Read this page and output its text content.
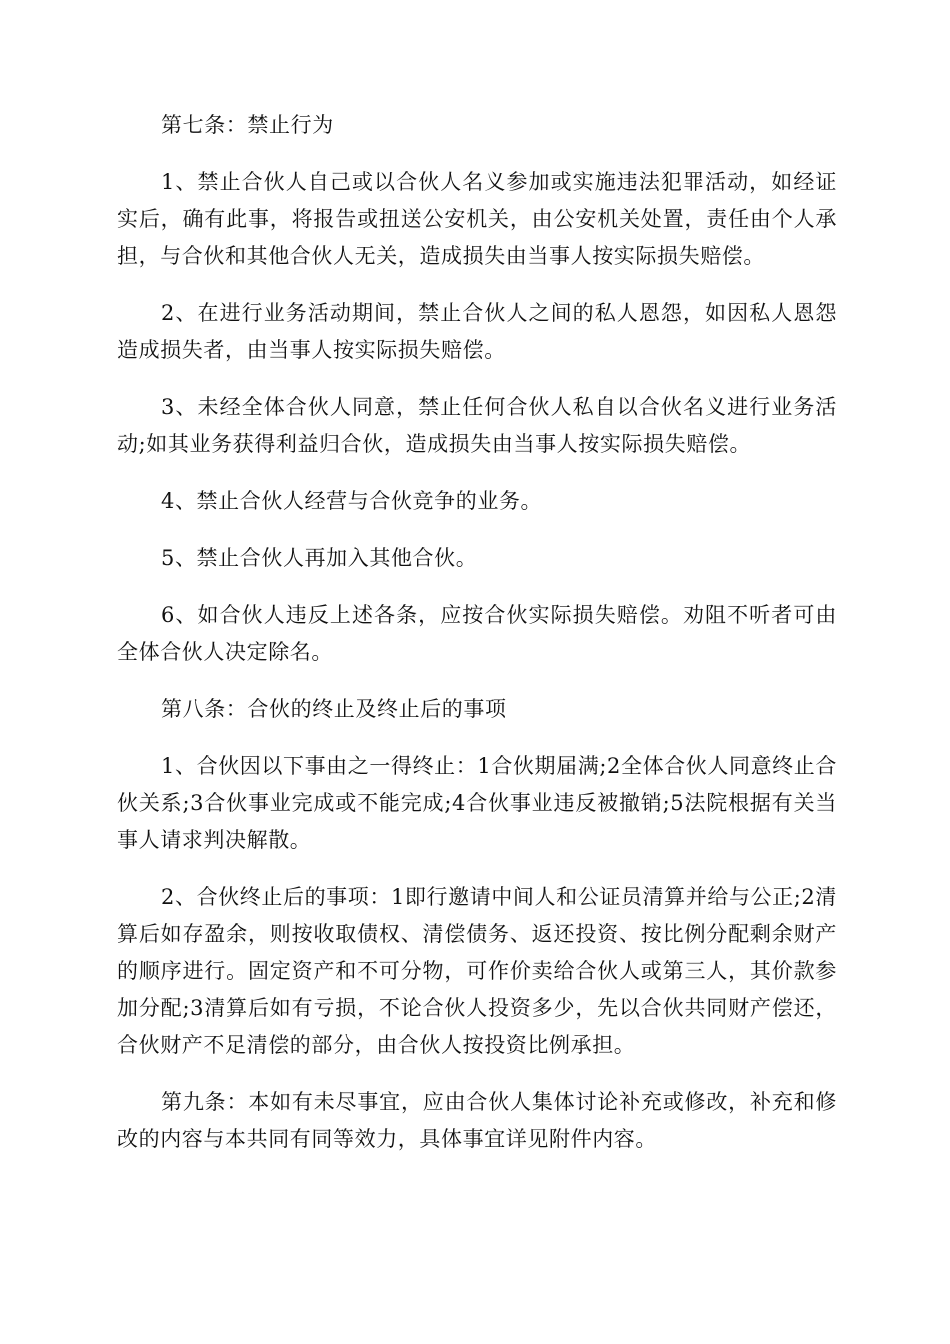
第七条：禁止行为

1、禁止合伙人自己或以合伙人名义参加或实施违法犯罪活动，如经证实后，确有此事，将报告或扭送公安机关，由公安机关处置，责任由个人承担，与合伙和其他合伙人无关，造成损失由当事人按实际损失赔偿。

2、在进行业务活动期间，禁止合伙人之间的私人恩怨，如因私人恩怨造成损失者，由当事人按实际损失赔偿。

3、未经全体合伙人同意，禁止任何合伙人私自以合伙名义进行业务活动;如其业务获得利益归合伙，造成损失由当事人按实际损失赔偿。

4、禁止合伙人经营与合伙竞争的业务。

5、禁止合伙人再加入其他合伙。

6、如合伙人违反上述各条，应按合伙实际损失赔偿。劝阻不听者可由全体合伙人决定除名。

第八条：合伙的终止及终止后的事项

1、合伙因以下事由之一得终止：1合伙期届满;2全体合伙人同意终止合伙关系;3合伙事业完成或不能完成;4合伙事业违反被撤销;5法院根据有关当事人请求判决解散。

2、合伙终止后的事项：1即行邀请中间人和公证员清算并给与公正;2清算后如存盈余，则按收取债权、清偿债务、返还投资、按比例分配剩余财产的顺序进行。固定资产和不可分物，可作价卖给合伙人或第三人，其价款参加分配;3清算后如有亏损，不论合伙人投资多少，先以合伙共同财产偿还，合伙财产不足清偿的部分，由合伙人按投资比例承担。

第九条：本如有未尽事宜，应由合伙人集体讨论补充或修改，补充和修改的内容与本共同有同等效力，具体事宜详见附件内容。
